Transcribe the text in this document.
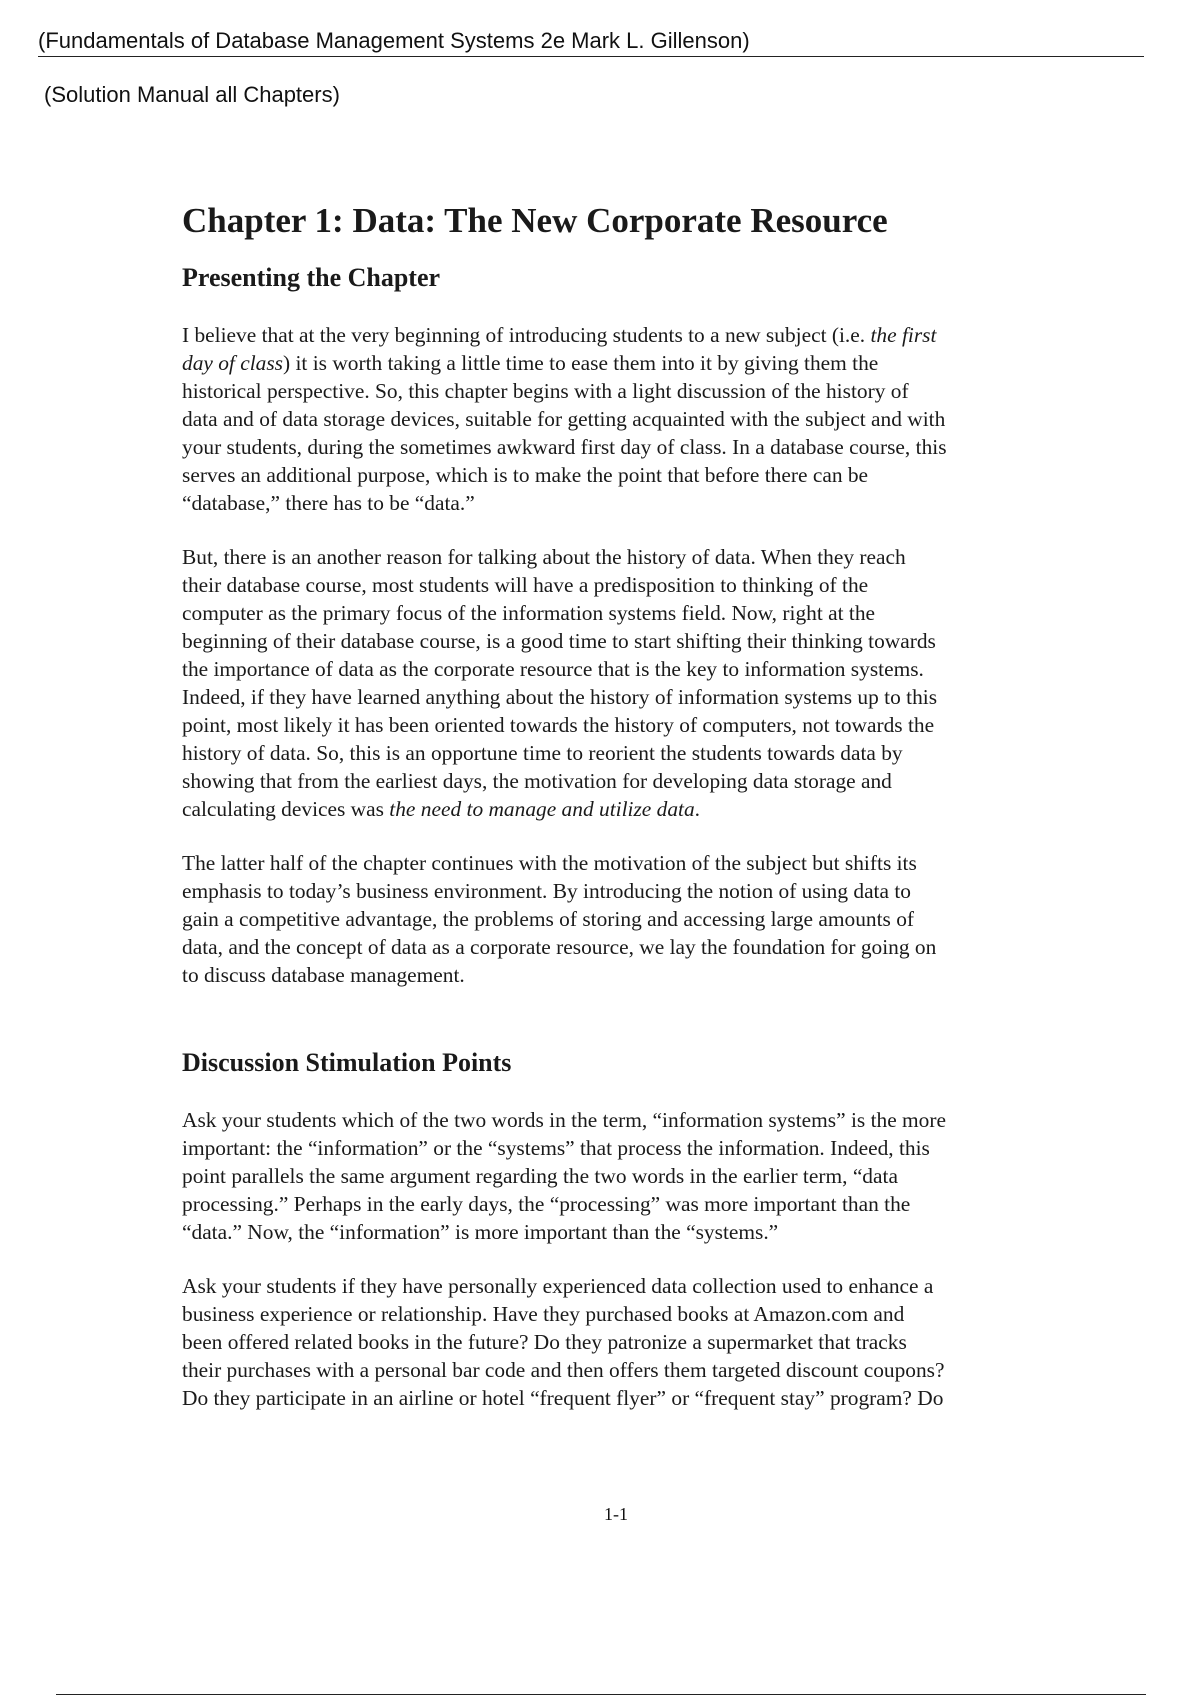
(Fundamentals of Database Management Systems 2e Mark L. Gillenson)
(Solution Manual all Chapters)
Chapter 1: Data: The New Corporate Resource
Presenting the Chapter

I believe that at the very beginning of introducing students to a new subject (i.e. the first
day of class) it is worth taking a little time to ease them into it by giving them the
historical perspective. So, this chapter begins with a light discussion of the history of
data and of data storage devices, suitable for getting acquainted with the subject and with
your students, during the sometimes awkward first day of class. In a database course, this
serves an additional purpose, which is to make the point that before there can be
“database,” there has to be “data.”

But, there is an another reason for talking about the history of data. When they reach
their database course, most students will have a predisposition to thinking of the
computer as the primary focus of the information systems field. Now, right at the
beginning of their database course, is a good time to start shifting their thinking towards
the importance of data as the corporate resource that is the key to information systems.
Indeed, if they have learned anything about the history of information systems up to this
point, most likely it has been oriented towards the history of computers, not towards the
history of data. So, this is an opportune time to reorient the students towards data by
showing that from the earliest days, the motivation for developing data storage and
calculating devices was the need to manage and utilize data.

The latter half of the chapter continues with the motivation of the subject but shifts its
emphasis to today’s business environment. By introducing the notion of using data to
gain a competitive advantage, the problems of storing and accessing large amounts of
data, and the concept of data as a corporate resource, we lay the foundation for going on
to discuss database management.

Discussion Stimulation Points

Ask your students which of the two words in the term, “information systems” is the more
important: the “information” or the “systems” that process the information. Indeed, this
point parallels the same argument regarding the two words in the earlier term, “data
processing.” Perhaps in the early days, the “processing” was more important than the
“data.” Now, the “information” is more important than the “systems.”

Ask your students if they have personally experienced data collection used to enhance a
business experience or relationship. Have they purchased books at Amazon.com and
been offered related books in the future? Do they patronize a supermarket that tracks
their purchases with a personal bar code and then offers them targeted discount coupons?
Do they participate in an airline or hotel “frequent flyer” or “frequent stay” program? Do

1-1
